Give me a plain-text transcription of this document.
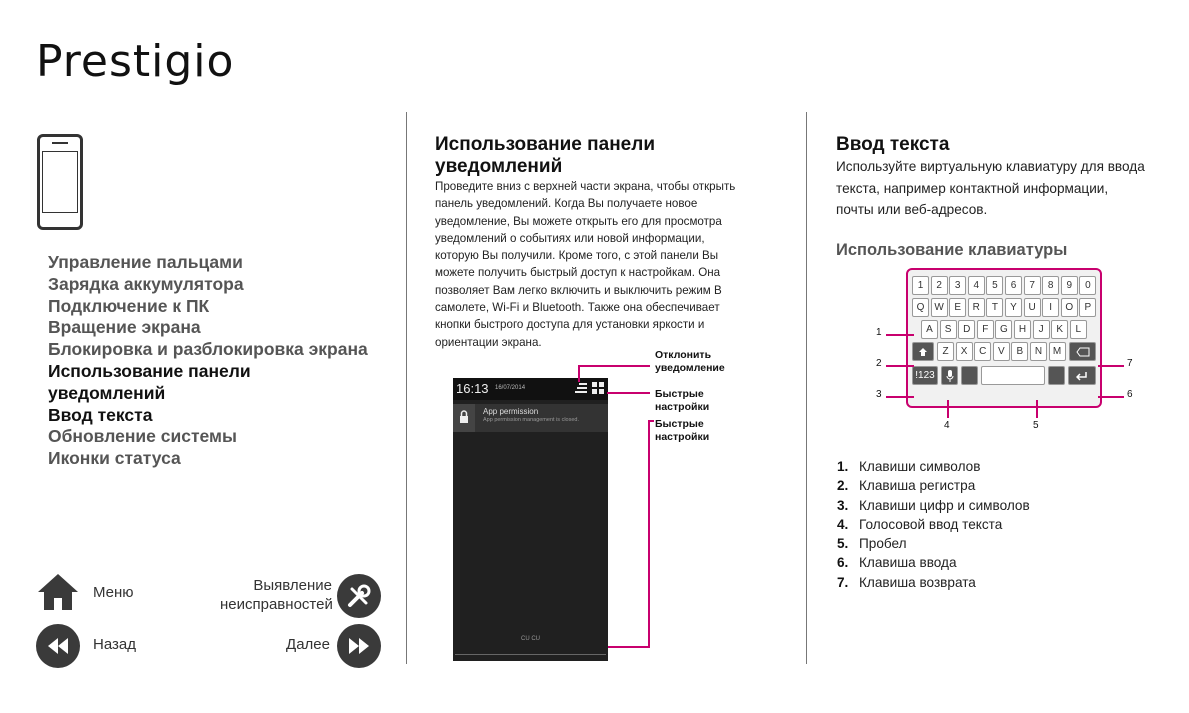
Prestigio
Управление пальцами
Зарядка аккумулятора
Подключение к ПК
Вращение экрана
Блокировка и разблокировка экрана
Использование панели
уведомлений
Ввод текста
Обновление системы
Иконки статуса
Меню	Выявление
неисправностей
Назад	Далее
Использование панели
уведомлений
Проведите вниз с верхней части экрана, чтобы открыть
панель уведомлений. Когда Вы получаете новое
уведомление, Вы можете открыть его для просмотра
уведомлений о событиях или новой информации,
которую Вы получили. Кроме того, с этой панели Вы
можете получить быстрый доступ к настройкам. Она
позволяет Вам легко включить и выключить режим В
самолете, Wi-Fi и Bluetooth. Также она обеспечивает
кнопки быстрого доступа для установки яркости и
ориентации экрана.
16:13 16/07/2014
App permission
App permission management is closed.
CU CU
Отклонить
уведомление
Быстрые
настройки
Быстрые
настройки
Ввод текста
Используйте виртуальную клавиатуру для ввода
текста, например контактной информации,
почты или веб-адресов.
Использование клавиатуры
1	2	3	4	5	6	7	8	9	0
Q W	E	R	T	Y	U	I	O	P
A	S	D	F	G	H	J	K	L
Z	X	C	V	B	N	M
!123
1
2
3
4	5
6
7
1. Клавиши символов
2. Клавиша регистра
3. Клавиши цифр и символов
4. Голосовой ввод текста
5. Пробел
6. Клавиша ввода
7. Клавиша возврата
